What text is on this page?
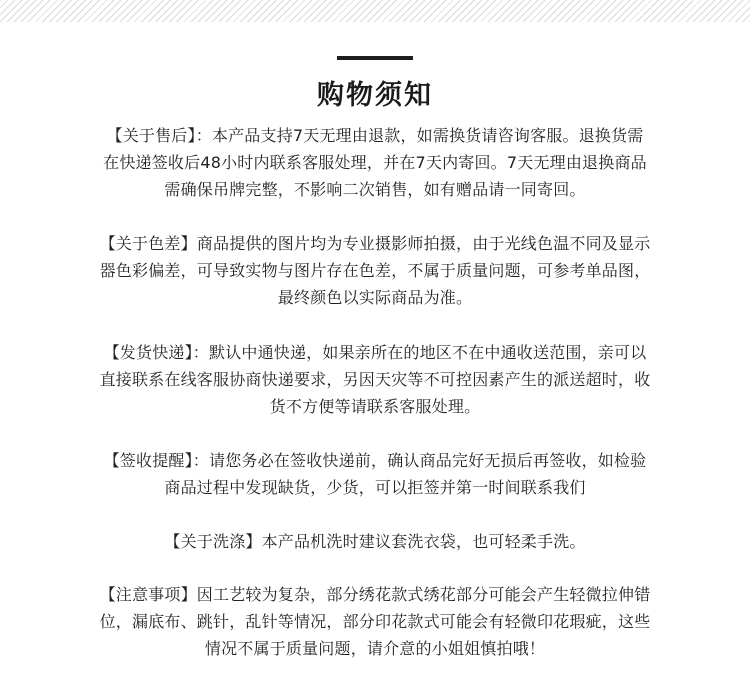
购物须知

【关于售后】：本产品支持7天无理由退款，如需换货请咨询客服。退换货需

在快递签收后48小时内联系客服处理，并在7天内寄回。7天无理由退换商品

需确保吊牌完整，不影响二次销售，如有赠品请一同寄回。

【关于色差】商品提供的图片均为专业摄影师拍摄，由于光线色温不同及显示

器色彩偏差，可导致实物与图片存在色差，不属于质量问题，可参考单品图，

最终颜色以实际商品为准。

【发货快递】：默认中通快递，如果亲所在的地区不在中通收送范围，亲可以

直接联系在线客服协商快递要求，另因天灾等不可控因素产生的派送超时，收

货不方便等请联系客服处理。

【签收提醒】：请您务必在签收快递前，确认商品完好无损后再签收，如检验

商品过程中发现缺货，少货，可以拒签并第一时间联系我们

【关于洗涤】本产品机洗时建议套洗衣袋，也可轻柔手洗。

【注意事项】因工艺较为复杂，部分绣花款式绣花部分可能会产生轻微拉伸错

位，漏底布、跳针，乱针等情况，部分印花款式可能会有轻微印花瑕疵，这些

情况不属于质量问题，请介意的小姐姐慎拍哦！
